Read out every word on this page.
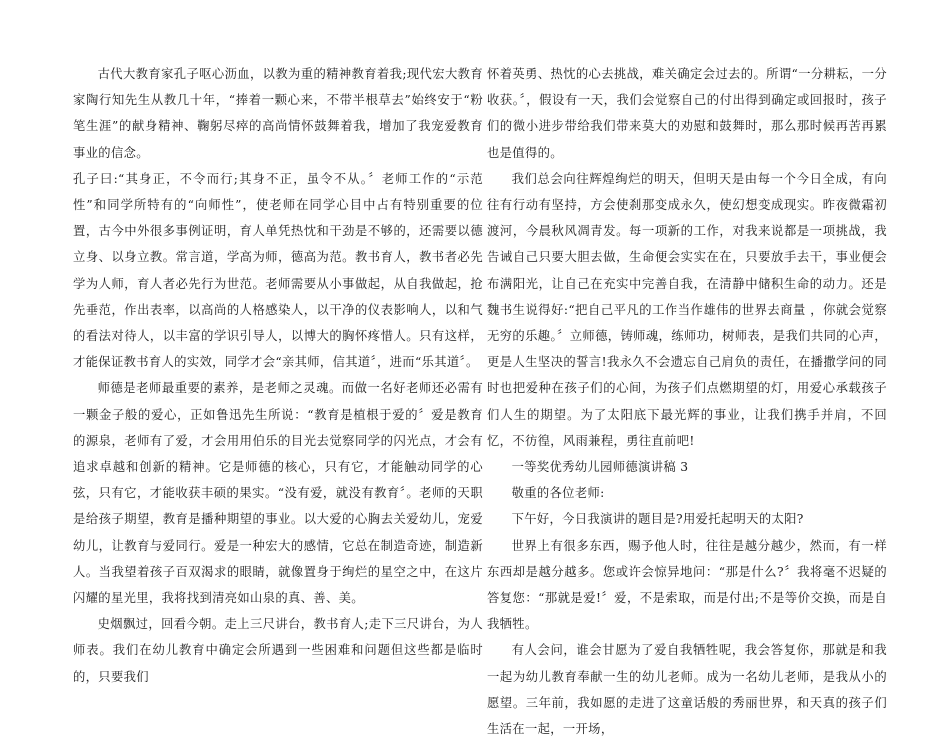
古代大教育家孔子呕心沥血，以教为重的精神教育着我;现代宏大教育家陶行知先生从教几十年，“捧着一颗心来，不带半根草去”始终安于“粉笔生涯”的献身精神、鞠躬尽瘁的高尚情怀鼓舞着我，增加了我宠爱教育事业的信念。

孔子曰:“其身正，不令而行;其身不正，虽令不从。〞老师工作的“示范性”和同学所特有的“向师性”，使老师在同学心目中占有特别重要的位置，古今中外很多事例证明，育人单凭热忱和干劲是不够的，还需要以德立身、以身立教。常言道，学高为师，德高为范。教书育人，教书者必先学为人师，育人者必先行为世范。老师需要从小事做起，从自我做起，抢先垂范，作出表率，以高尚的人格感染人，以干净的仪表影响人，以和气的看法对待人，以丰富的学识引导人，以博大的胸怀疼惜人。只有这样，才能保证教书育人的实效，同学才会“亲其师，信其道〞，进而“乐其道〞。

师德是老师最重要的素养，是老师之灵魂。而做一名好老师还必需有一颗金子般的爱心，正如鲁迅先生所说：“教育是植根于爱的〞爱是教育的源泉，老师有了爱，才会用用伯乐的目光去觉察同学的闪光点，才会有追求卓越和创新的精神。它是师德的核心，只有它，才能触动同学的心弦，只有它，才能收获丰硕的果实。“没有爱，就没有教育〞。老师的天职是给孩子期望，教育是播种期望的事业。以大爱的心胸去关爱幼儿，宠爱幼儿，让教育与爱同行。爱是一种宏大的感情，它总在制造奇迹，制造新人。当我望着孩子百双渴求的眼睛，就像置身于绚烂的星空之中，在这片闪耀的星光里，我将找到清亮如山泉的真、善、美。

史烟飘过，回看今朝。走上三尺讲台，教书育人;走下三尺讲台，为人师表。我们在幼儿教育中确定会所遇到一些困难和问题但这些都是临时的，只要我们

怀着英勇、热忱的心去挑战，难关确定会过去的。所谓“一分耕耘，一分收获。〞，假设有一天，我们会觉察自己的付出得到确定或回报时，孩子们的微小进步带给我们带来莫大的劝慰和鼓舞时，那么那时候再苦再累也是值得的。

我们总会向往辉煌绚烂的明天，但明天是由每一个今日全成，有向往有行动有坚持，方会使刹那变成永久，使幻想变成现实。昨夜微霜初渡河，今晨秋风凋青发。每一项新的工作，对我来说都是一项挑战，我告诫自己只要大胆去做，生命便会实实在在，只要放手去干，事业便会布满阳光，让自己在充实中完善自我，在清静中储积生命的动力。还是魏书生说得好:“把自己平凡的工作当作雄伟的世界去商量 ，你就会觉察无穷的乐趣。〞立师德，铸师魂，练师功，树师表，是我们共同的心声，更是人生坚决的誓言!我永久不会遗忘自己肩负的责任，在播撒学问的同时也把爱种在孩子们的心间，为孩子们点燃期望的灯，用爱心承载孩子们人生的期望。为了太阳底下最光辉的事业，让我们携手并肩，不回忆，不彷徨，风雨兼程，勇往直前吧!

一等奖优秀幼儿园师德演讲稿 3

敬重的各位老师:

下午好，今日我演讲的题目是?用爱托起明天的太阳?

世界上有很多东西，赐予他人时，往往是越分越少，然而，有一样东西却是越分越多。您或许会惊异地问：“那是什么?〞我将毫不迟疑的答复您：“那就是爱!〞爱，不是索取，而是付出;不是等价交换，而是自我牺牲。

有人会问，谁会甘愿为了爱自我牺牲呢，我会答复你，那就是和我一起为幼儿教育奉献一生的幼儿老师。成为一名幼儿老师，是我从小的愿望。三年前，我如愿的走进了这童话般的秀丽世界，和天真的孩子们生活在一起，一开场，
